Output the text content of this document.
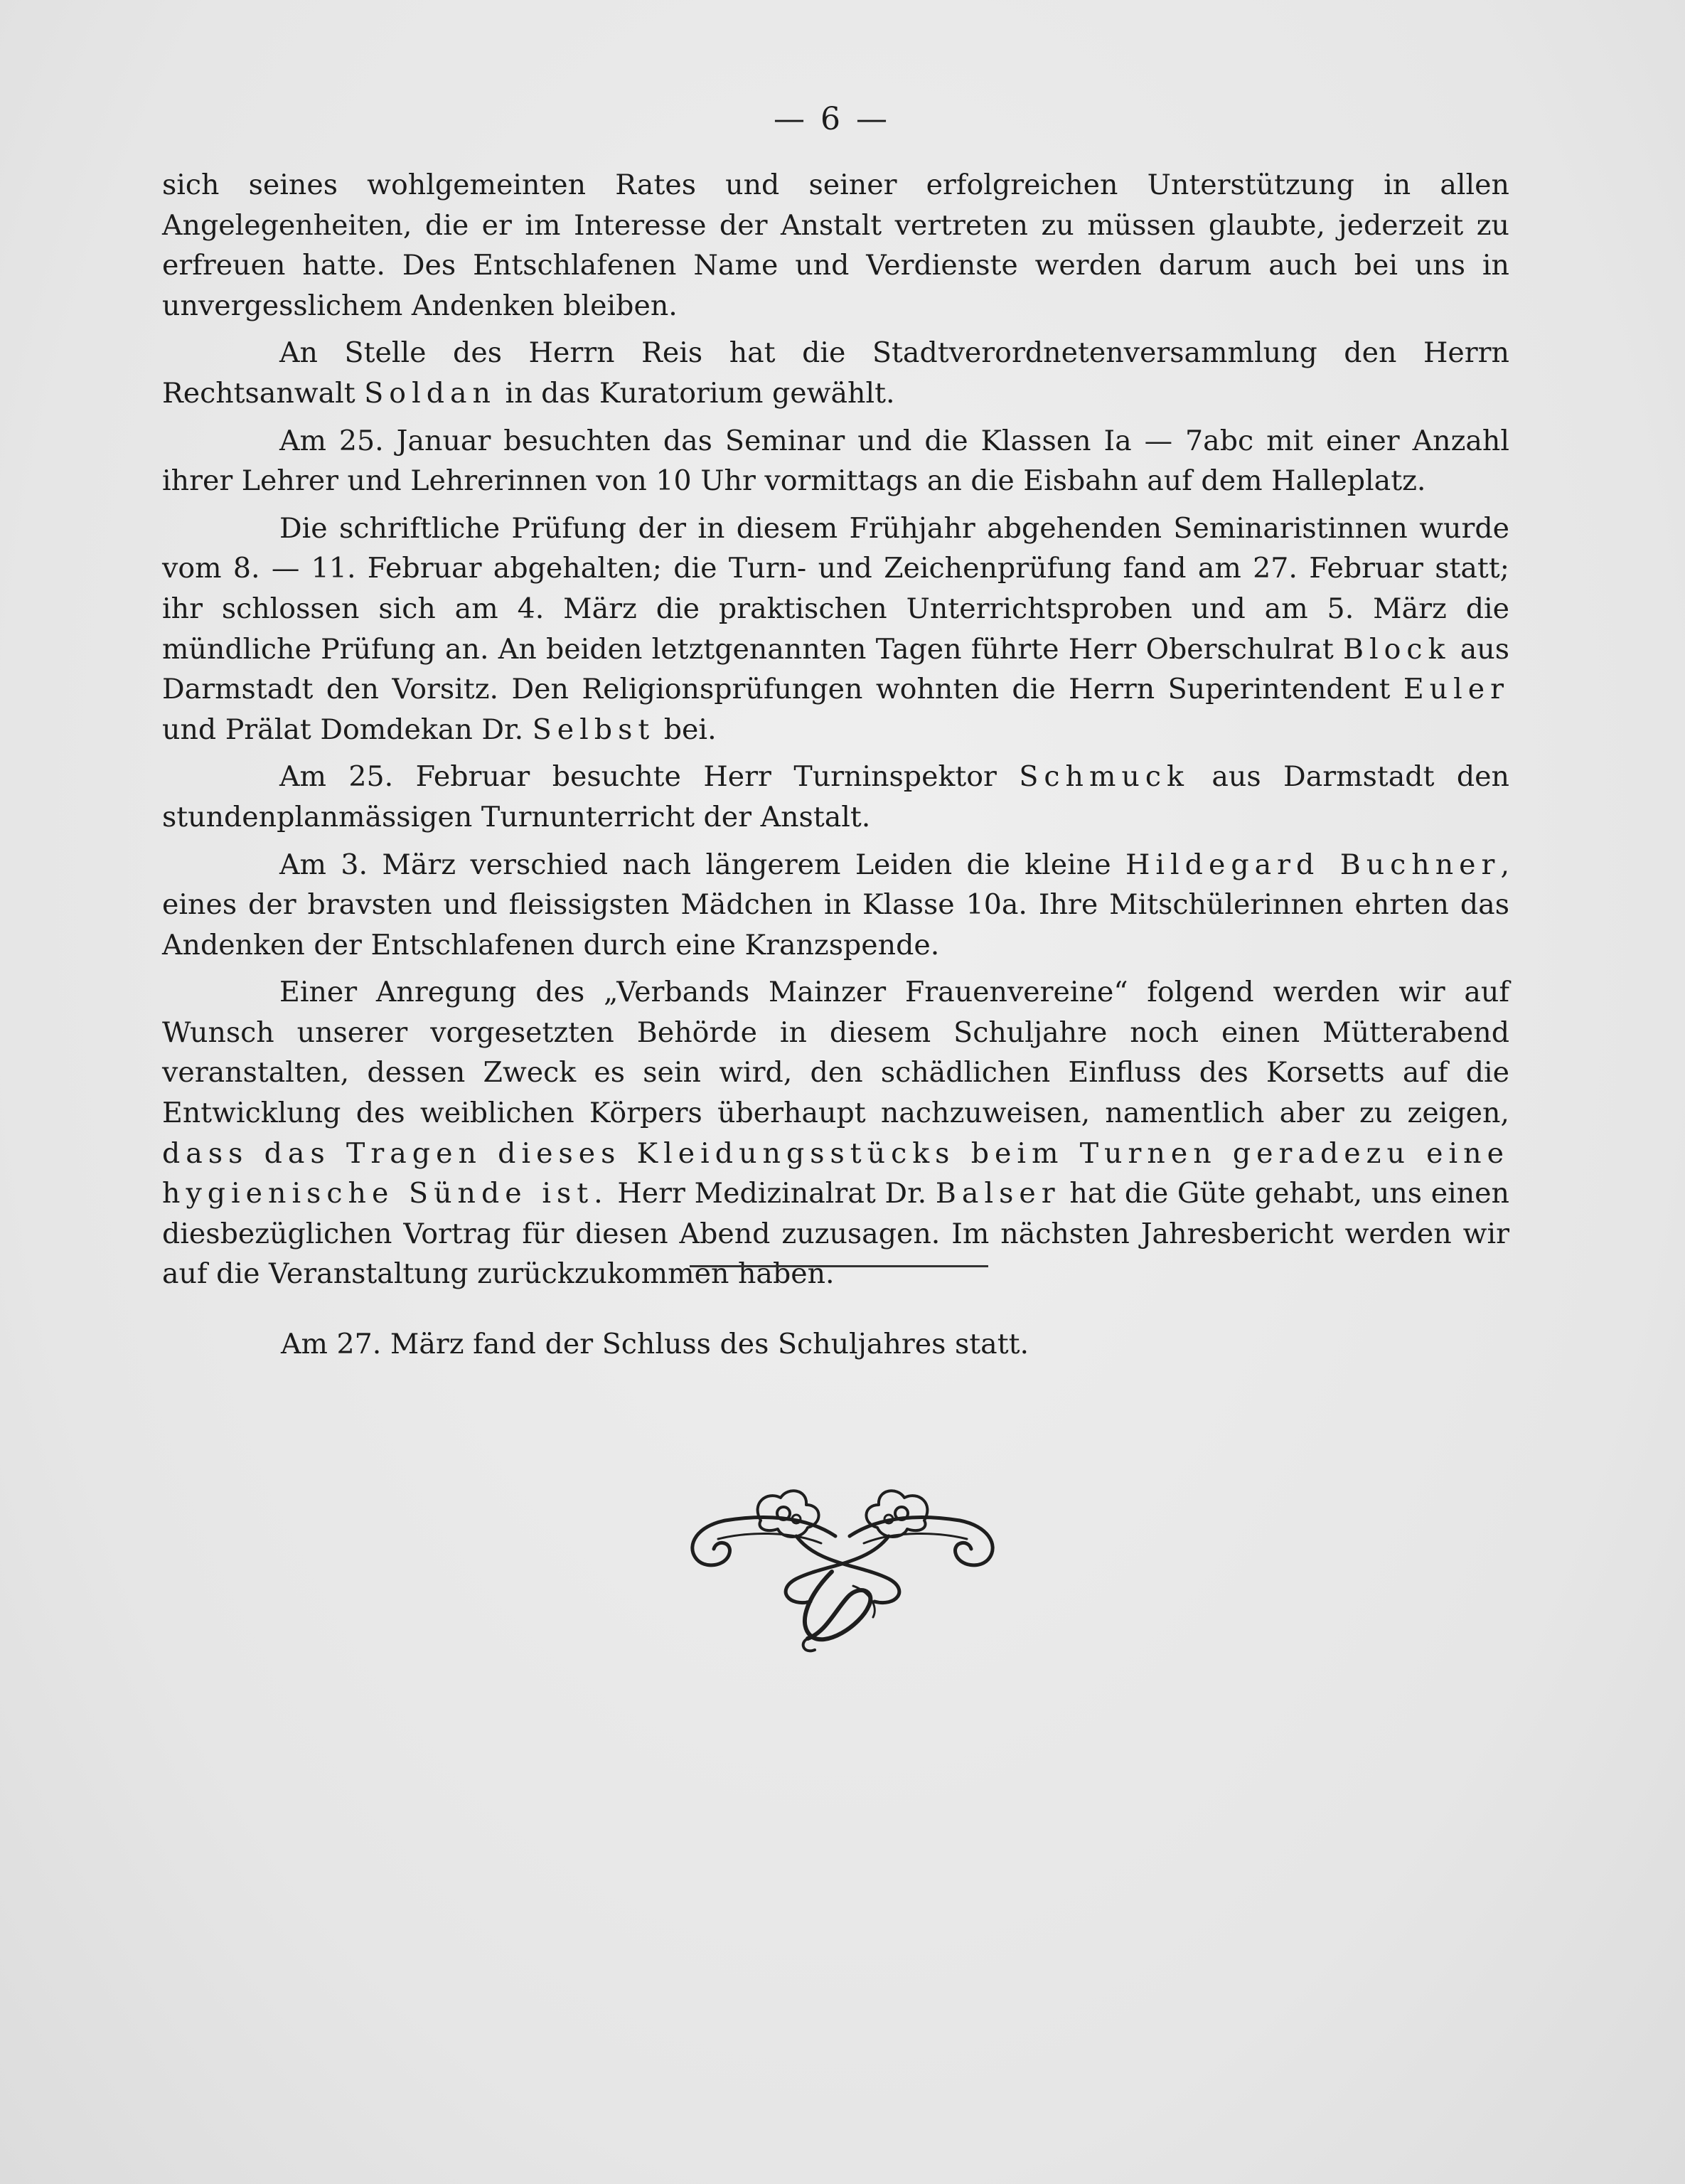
— 6 —

sich seines wohlgemeinten Rates und seiner erfolgreichen Unterstützung in allen Angelegenheiten, die er im Interesse der Anstalt vertreten zu müssen glaubte, jederzeit zu erfreuen hatte. Des Entschlafenen Name und Verdienste werden darum auch bei uns in unvergesslichem Andenken bleiben.

An Stelle des Herrn Reis hat die Stadtverordnetenversammlung den Herrn Rechtsanwalt Soldan in das Kuratorium gewählt.

Am 25. Januar besuchten das Seminar und die Klassen Ia — 7abc mit einer Anzahl ihrer Lehrer und Lehrerinnen von 10 Uhr vormittags an die Eisbahn auf dem Halleplatz.

Die schriftliche Prüfung der in diesem Frühjahr abgehenden Seminaristinnen wurde vom 8. — 11. Februar abgehalten; die Turn- und Zeichenprüfung fand am 27. Februar statt; ihr schlossen sich am 4. März die praktischen Unterrichtsproben und am 5. März die mündliche Prüfung an. An beiden letztgenannten Tagen führte Herr Oberschulrat Block aus Darmstadt den Vorsitz. Den Religionsprüfungen wohnten die Herrn Superintendent Euler und Prälat Domdekan Dr. Selbst bei.

Am 25. Februar besuchte Herr Turninspektor Schmuck aus Darmstadt den stundenplanmässigen Turnunterricht der Anstalt.

Am 3. März verschied nach längerem Leiden die kleine Hildegard Buchner, eines der bravsten und fleissigsten Mädchen in Klasse 10a. Ihre Mitschülerinnen ehrten das Andenken der Entschlafenen durch eine Kranzspende.

Einer Anregung des „Verbands Mainzer Frauenvereine“ folgend werden wir auf Wunsch unserer vorgesetzten Behörde in diesem Schuljahre noch einen Mütterabend veranstalten, dessen Zweck es sein wird, den schädlichen Einfluss des Korsetts auf die Entwicklung des weiblichen Körpers überhaupt nachzuweisen, namentlich aber zu zeigen, dass das Tragen dieses Kleidungsstücks beim Turnen geradezu eine hygienische Sünde ist. Herr Medizinalrat Dr. Balser hat die Güte gehabt, uns einen diesbezüglichen Vortrag für diesen Abend zuzusagen. Im nächsten Jahresbericht werden wir auf die Veranstaltung zurückzukommen haben.

Am 27. März fand der Schluss des Schuljahres statt.
